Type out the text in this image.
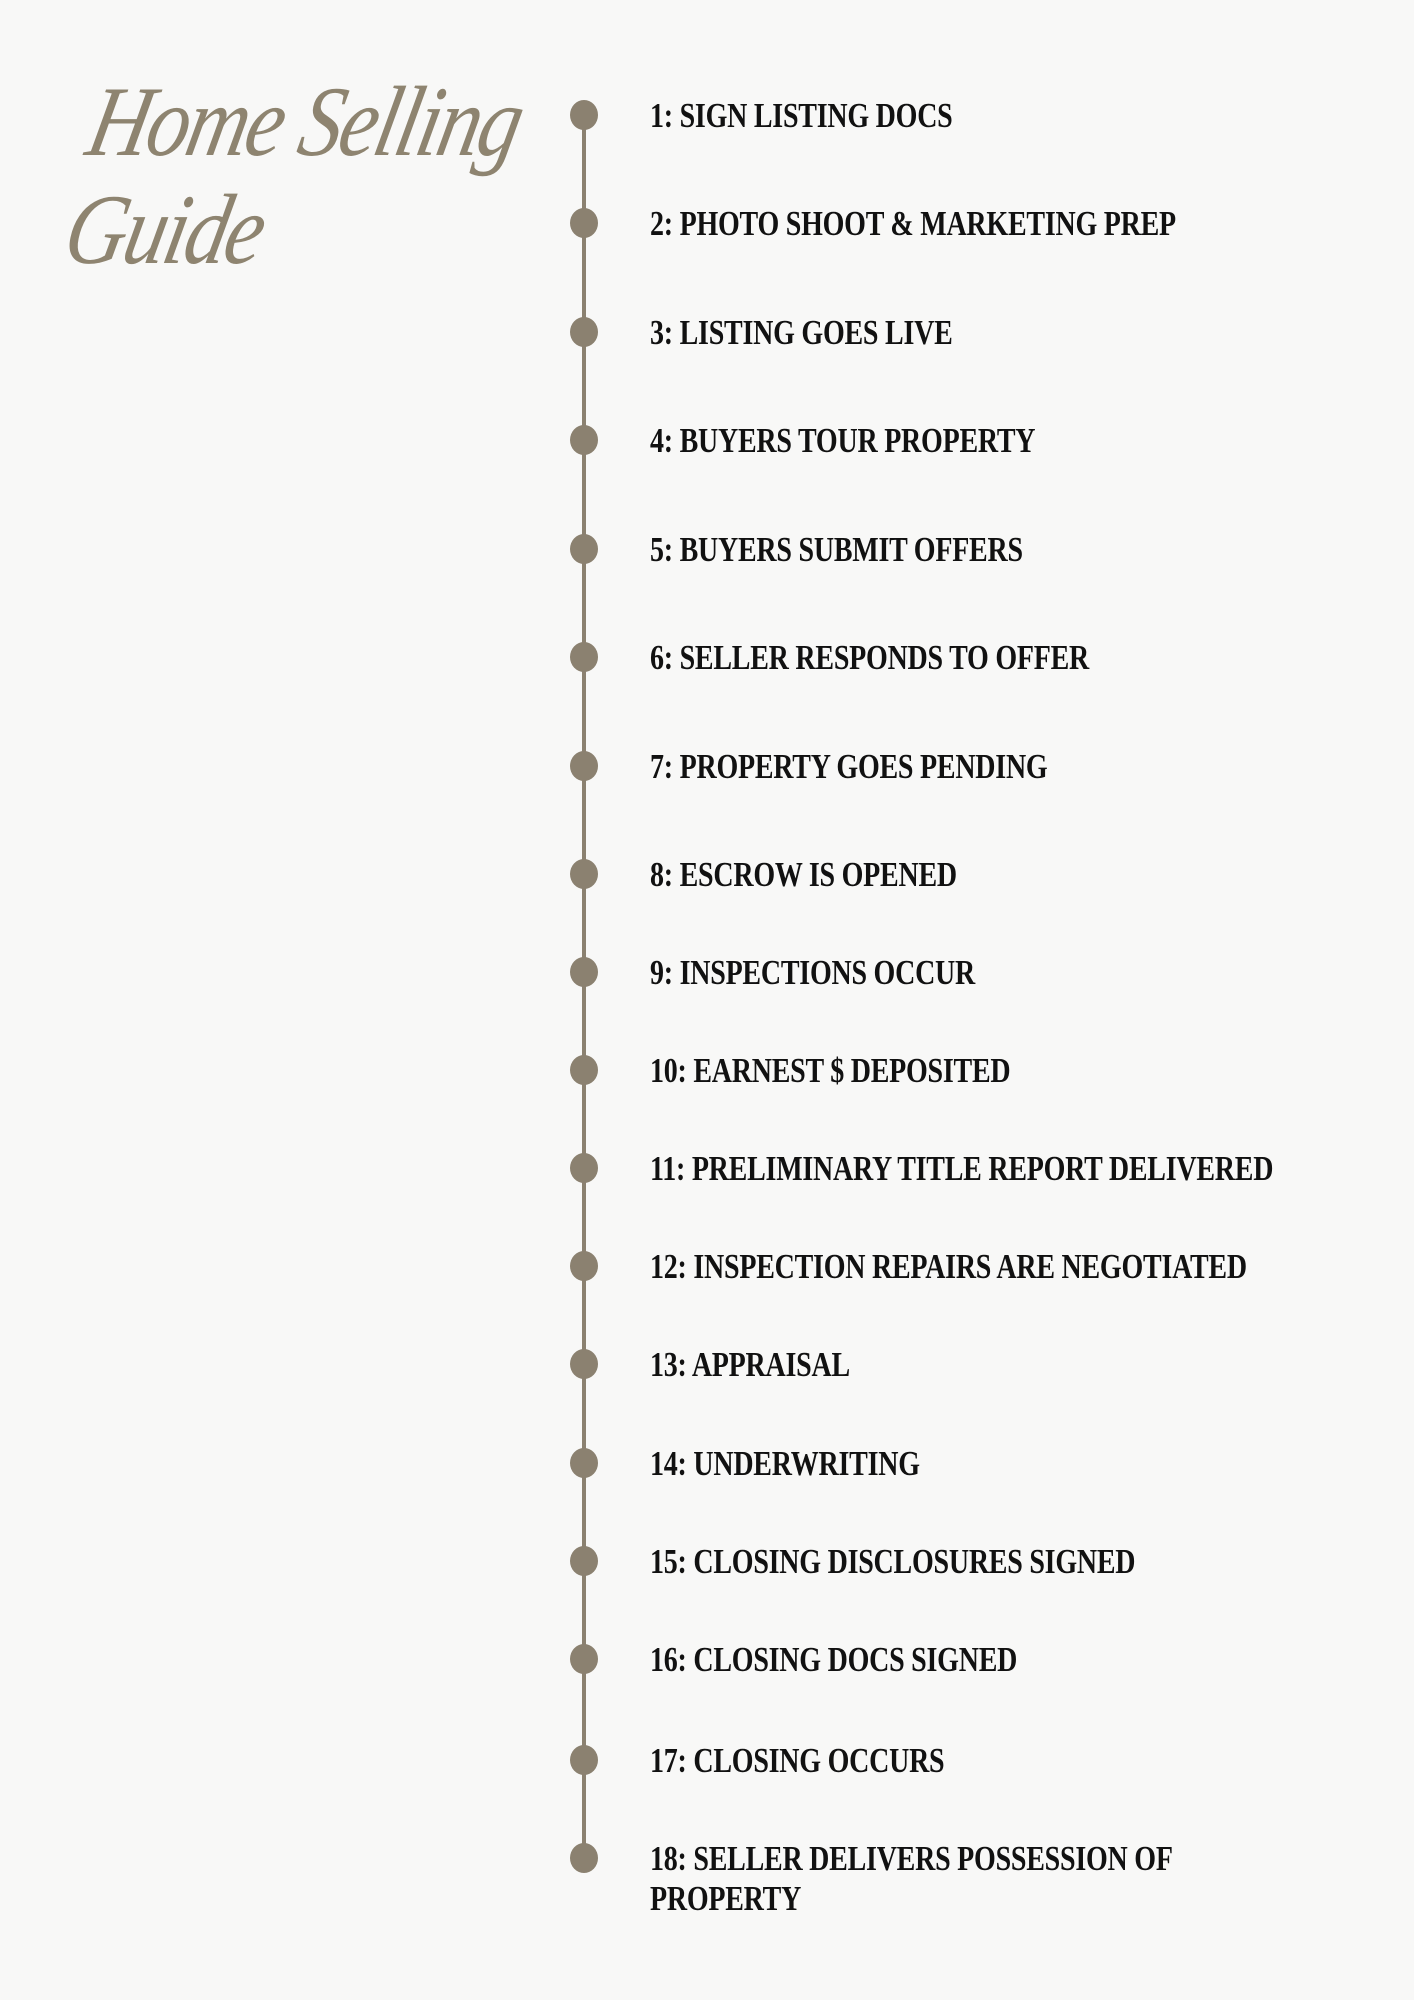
Home Selling
Guide
1: SIGN LISTING DOCS
2: PHOTO SHOOT & MARKETING PREP
3: LISTING GOES LIVE
4: BUYERS TOUR PROPERTY
5: BUYERS SUBMIT OFFERS
6: SELLER RESPONDS TO OFFER
7: PROPERTY GOES PENDING
8: ESCROW IS OPENED
9: INSPECTIONS OCCUR
10: EARNEST $ DEPOSITED
11: PRELIMINARY TITLE REPORT DELIVERED
12: INSPECTION REPAIRS ARE NEGOTIATED
13: APPRAISAL
14: UNDERWRITING
15: CLOSING DISCLOSURES SIGNED
16: CLOSING DOCS SIGNED
17: CLOSING OCCURS
18: SELLER DELIVERS POSSESSION OF
PROPERTY
